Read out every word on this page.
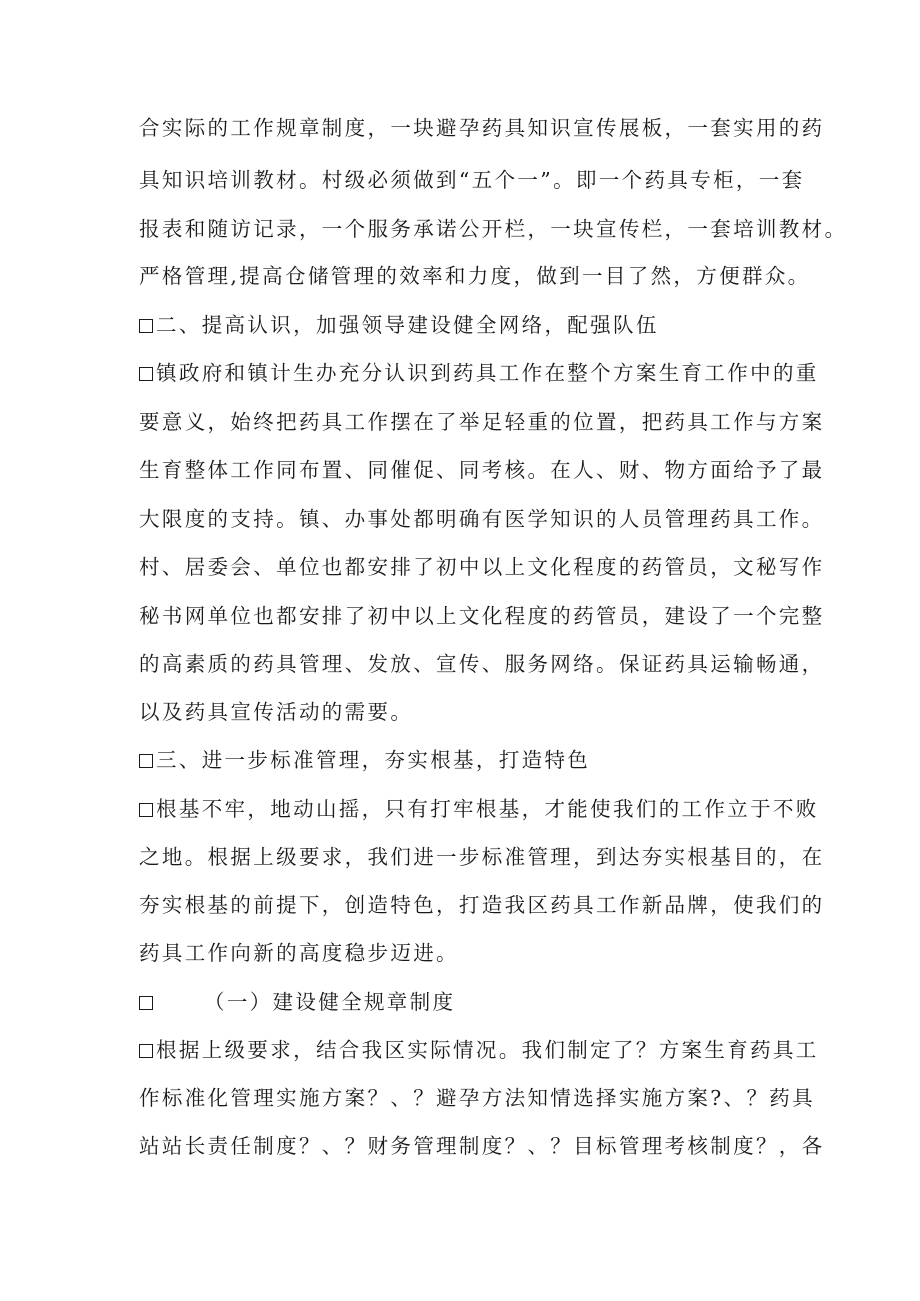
合实际的工作规章制度，一块避孕药具知识宣传展板，一套实用的药
具知识培训教材。村级必须做到“五个一”。即一个药具专柜，一套
报表和随访记录，一个服务承诺公开栏，一块宣传栏，一套培训教材。
严格管理,提高仓储管理的效率和力度，做到一目了然，方便群众。
二、提高认识，加强领导建设健全网络，配强队伍
镇政府和镇计生办充分认识到药具工作在整个方案生育工作中的重
要意义，始终把药具工作摆在了举足轻重的位置，把药具工作与方案
生育整体工作同布置、同催促、同考核。在人、财、物方面给予了最
大限度的支持。镇、办事处都明确有医学知识的人员管理药具工作。
村、居委会、单位也都安排了初中以上文化程度的药管员，文秘写作
秘书网单位也都安排了初中以上文化程度的药管员，建设了一个完整
的高素质的药具管理、发放、宣传、服务网络。保证药具运输畅通，
以及药具宣传活动的需要。
三、进一步标准管理，夯实根基，打造特色
根基不牢，地动山摇，只有打牢根基，才能使我们的工作立于不败
之地。根据上级要求，我们进一步标准管理，到达夯实根基目的，在
夯实根基的前提下，创造特色，打造我区药具工作新品牌，使我们的
药具工作向新的高度稳步迈进。
（一）建设健全规章制度
根据上级要求，结合我区实际情况。我们制定了？方案生育药具工
作标准化管理实施方案？、？避孕方法知情选择实施方案?、？药具
站站长责任制度？、？财务管理制度？、？目标管理考核制度？，各
